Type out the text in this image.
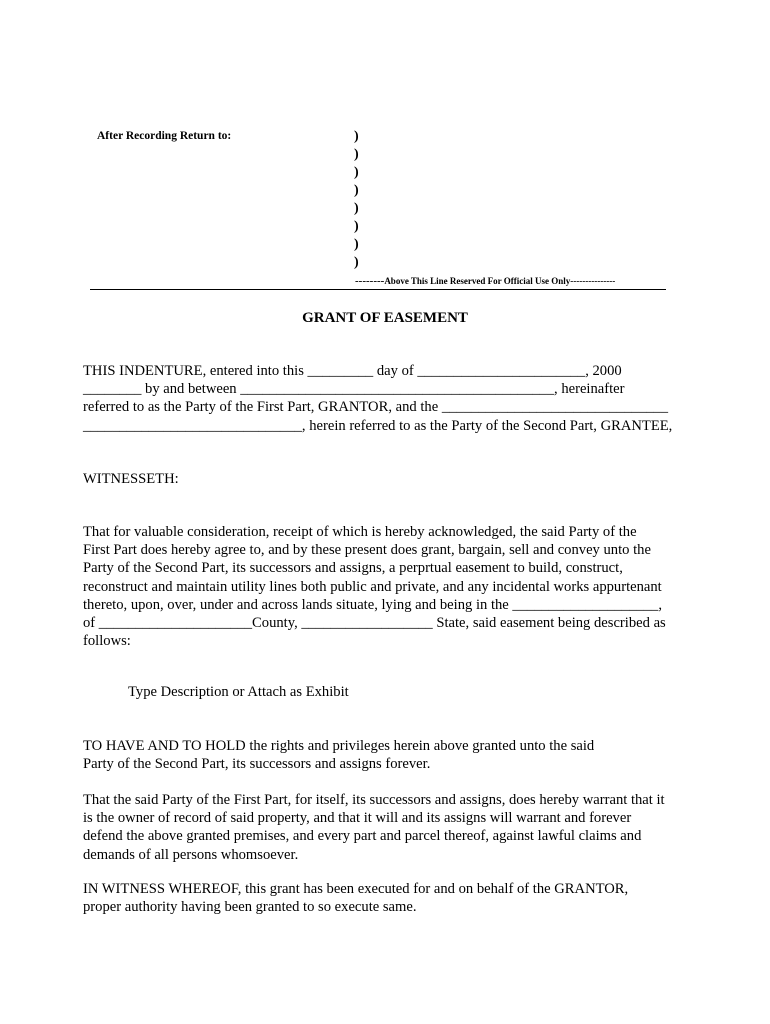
After Recording Return to:	)
)
)
)
)
)
)
)
--------Above This Line Reserved For Official Use Only---------------
GRANT OF EASEMENT
THIS INDENTURE, entered into this _________ day of _______________________, 2000
________ by and between ___________________________________________, hereinafter
referred to as the Party of the First Part, GRANTOR, and the _______________________________
______________________________, herein referred to as the Party of the Second Part, GRANTEE,
WITNESSETH:
That for valuable consideration, receipt of which is hereby acknowledged, the said Party of the
First Part does hereby agree to, and by these present does grant, bargain, sell and convey unto the
Party of the Second Part, its successors and assigns, a perprtual easement to build, construct,
reconstruct and maintain utility lines both public and private, and any incidental works appurtenant
thereto, upon, over, under and across lands situate, lying and being in the ____________________,
of _____________________County, __________________ State, said easement being described as
follows:
Type Description or Attach as Exhibit
TO HAVE AND TO HOLD the rights and privileges herein above granted unto the said
Party of the Second Part, its successors and assigns forever.
That the said Party of the First Part, for itself, its successors and assigns, does hereby warrant that it
is the owner of record of said property, and that it will and its assigns will warrant and forever
defend the above granted premises, and every part and parcel thereof, against lawful claims and
demands of all persons whomsoever.
IN WITNESS WHEREOF, this grant has been executed for and on behalf of the GRANTOR,
proper authority having been granted to so execute same.
